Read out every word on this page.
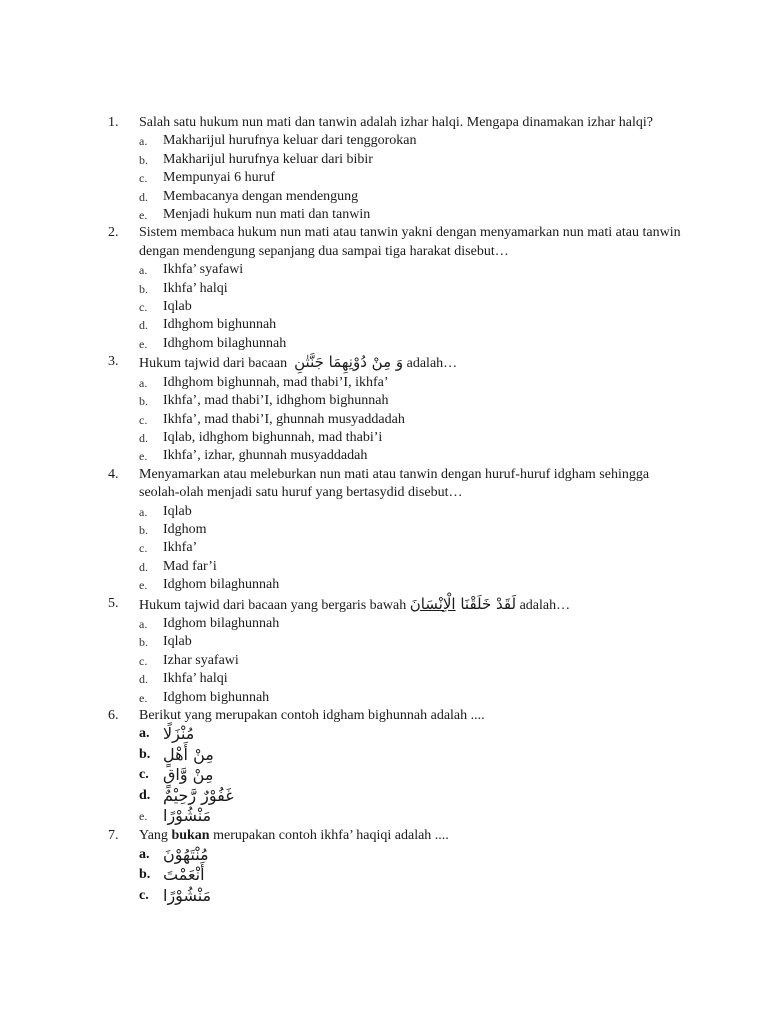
1. Salah satu hukum nun mati dan tanwin adalah izhar halqi. Mengapa dinamakan izhar halqi?
a. Makharijul hurufnya keluar dari tenggorokan
b. Makharijul hurufnya keluar dari bibir
c. Mempunyai 6 huruf
d. Membacanya dengan mendengung
e. Menjadi hukum nun mati dan tanwin
2. Sistem membaca hukum nun mati atau tanwin yakni dengan menyamarkan nun mati atau tanwin dengan mendengung sepanjang dua sampai tiga harakat disebut…
a. Ikhfa’ syafawi
b. Ikhfa’ halqi
c. Iqlab
d. Idhghom bighunnah
e. Idhghom bilaghunnah
3. Hukum tajwid dari bacaan وَ مِنْ دُوْنِهِمَا جَنَّتٰنِ adalah…
a. Idhghom bighunnah, mad thabi’I, ikhfa’
b. Ikhfa’, mad thabi’I, idhghom bighunnah
c. Ikhfa’, mad thabi’I, ghunnah musyaddadah
d. Iqlab, idhghom bighunnah, mad thabi’i
e. Ikhfa’, izhar, ghunnah musyaddadah
4. Menyamarkan atau meleburkan nun mati atau tanwin dengan huruf-huruf idgham sehingga seolah-olah menjadi satu huruf yang bertasydid disebut…
a. Iqlab
b. Idghom
c. Ikhfa’
d. Mad far’i
e. Idghom bilaghunnah
5. Hukum tajwid dari bacaan yang bergaris bawah	لَقَدْ خَلَقْنَا الْاِنْسَانَ	adalah…
a. Idghom bilaghunnah
b. Iqlab
c. Izhar syafawi
d. Ikhfa’ halqi
e. Idghom bighunnah
6. Berikut yang merupakan contoh idgham bighunnah adalah ....
a. مُنْزَلًا
b. مِنْ أَهْلٍ
c. مِنْ وَّاقٍ
d. غَفُوْرٌ رَّحِيْمٌ
e. مَنْشُوْرًا
7. Yang bukan merupakan contoh ikhfa’ haqiqi adalah ....
a. مُنْتَهُوْنَ
b. أَنْعَمْتَ
c. مَنْشُوْرًا
